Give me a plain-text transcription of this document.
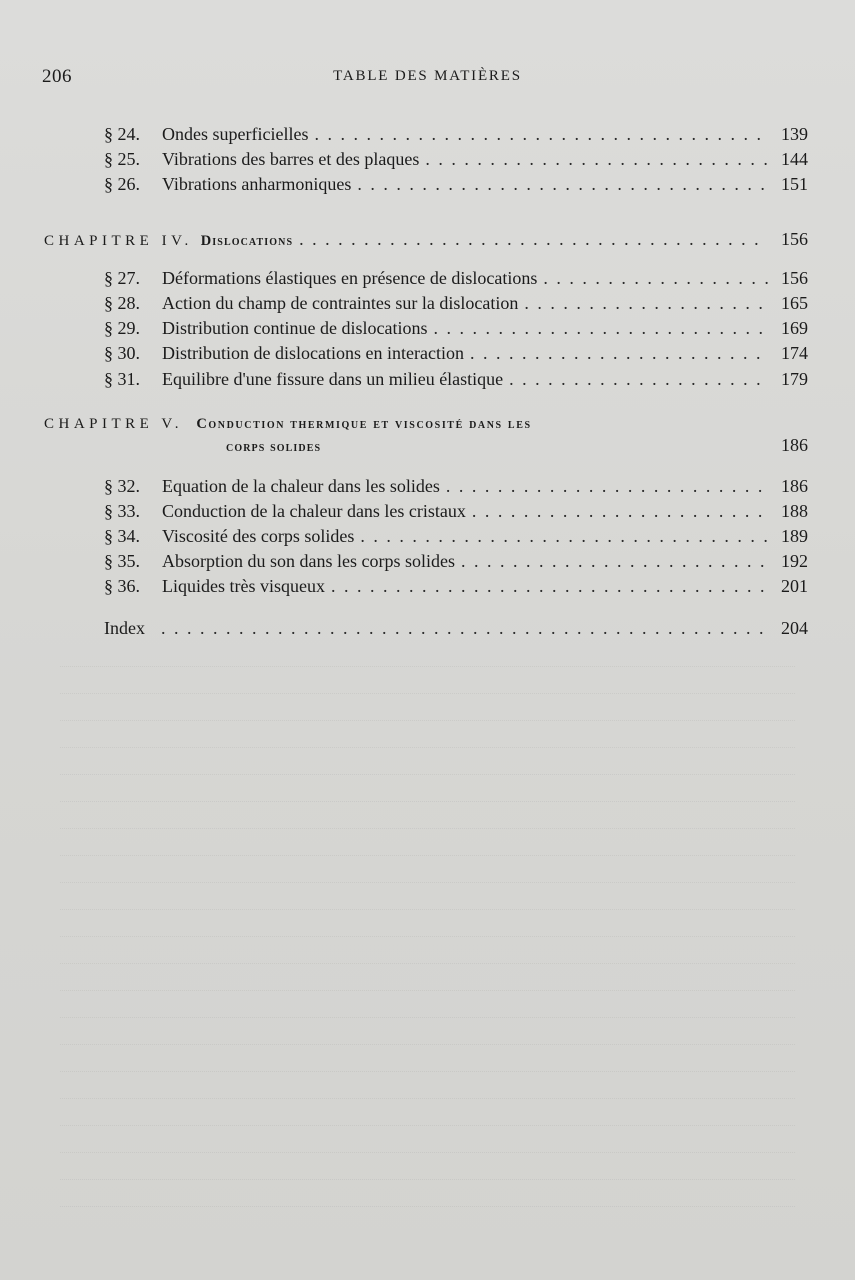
206	TABLE DES MATIÈRES
§ 24.	Ondes superficielles . . .	139
§ 25.	Vibrations des barres et des plaques . . .	144
§ 26.	Vibrations anharmoniques . . .	151
CHAPITRE IV. Dislocations . . .	156
§ 27.	Déformations élastiques en présence de dislocations . . .	156
§ 28.	Action du champ de contraintes sur la dislocation . . .	165
§ 29.	Distribution continue de dislocations . . .	169
§ 30.	Distribution de dislocations en interaction . . .	174
§ 31.	Equilibre d'une fissure dans un milieu élastique . . .	179
CHAPITRE V. Conduction thermique et viscosité dans les
corps solides	186
§ 32.	Equation de la chaleur dans les solides . . .	186
§ 33.	Conduction de la chaleur dans les cristaux . . .	188
§ 34.	Viscosité des corps solides . . .	189
§ 35.	Absorption du son dans les corps solides . . .	192
§ 36.	Liquides très visqueux . . .	201
Index . . .	204
